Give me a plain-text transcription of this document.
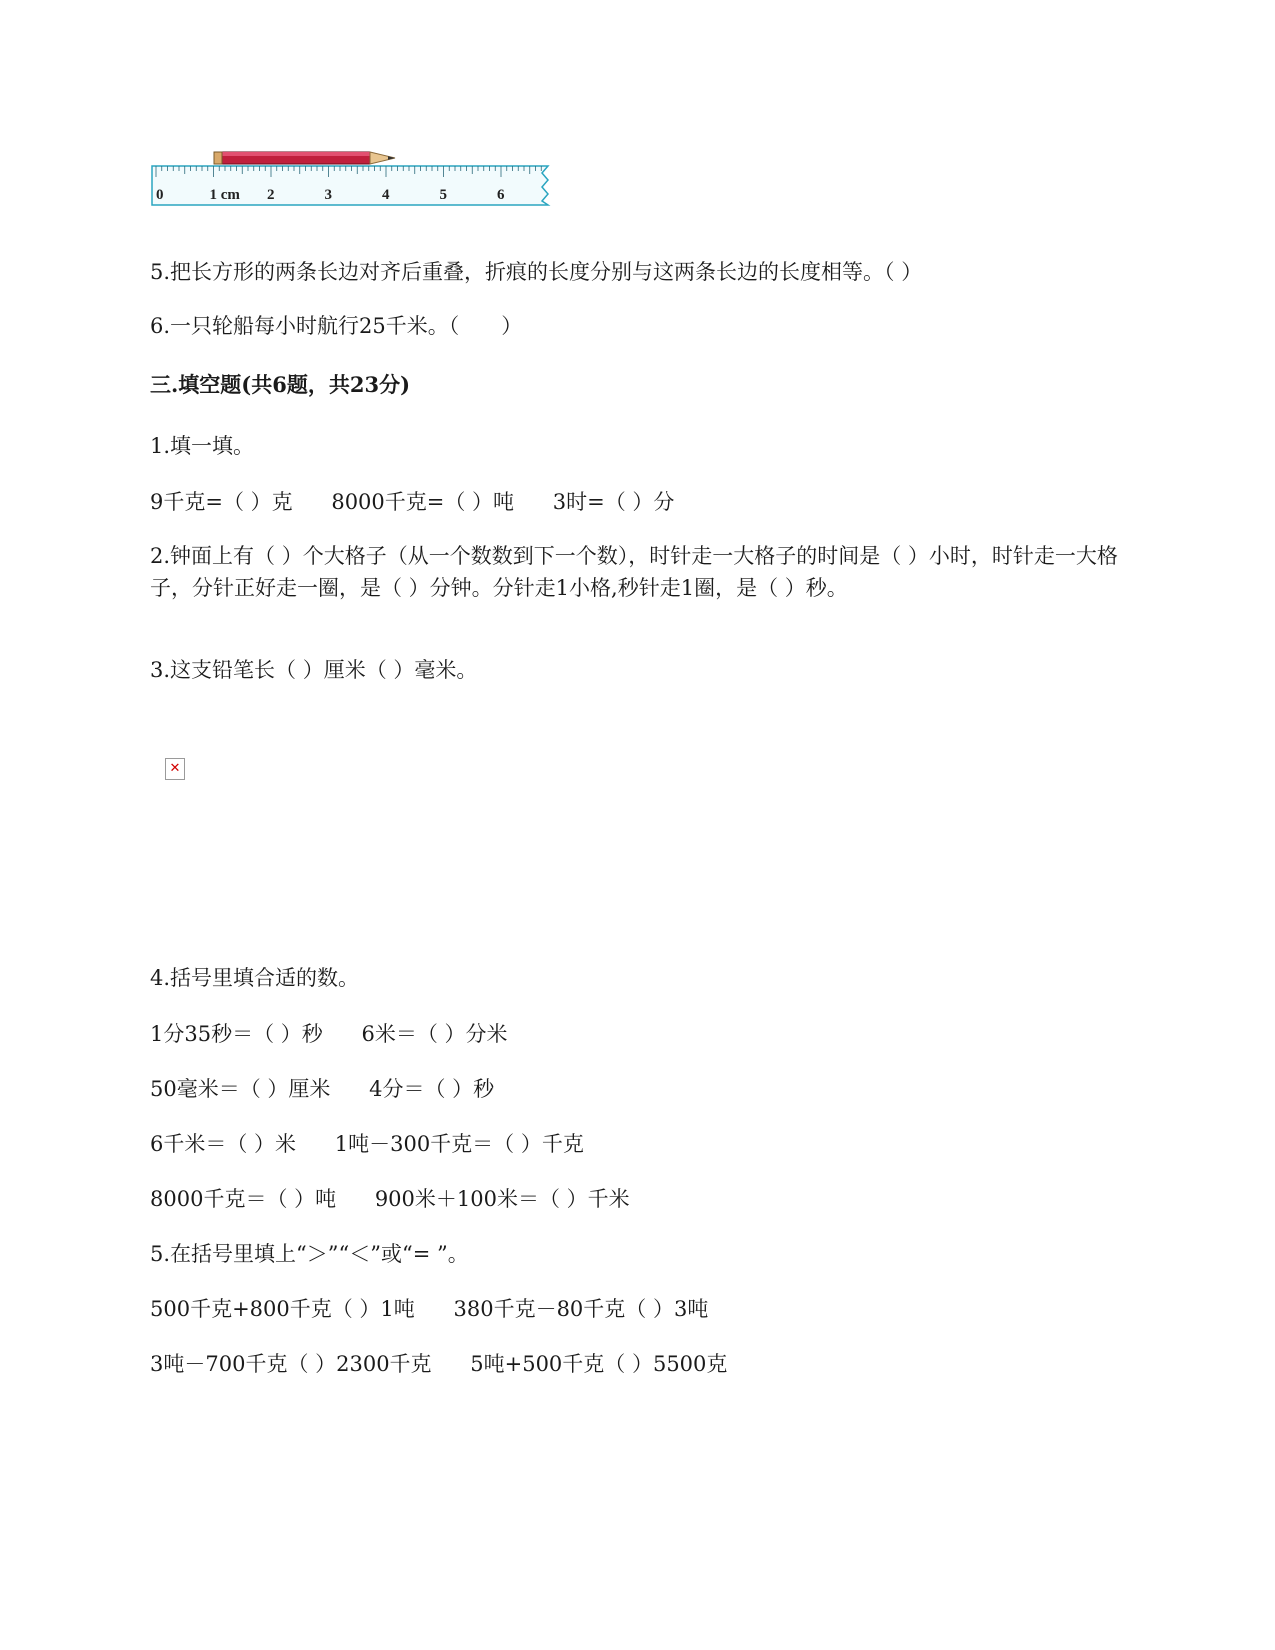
0	1 cm 2	3	4	5	6
5.把长方形的两条长边对齐后重叠，折痕的长度分别与这两条长边的长度相等。（ ）
6.一只轮船每小时航行25千米。（　　）
三.填空题(共6题，共23分)
1.填一填。
9千克=（ ）克 8000千克=（ ）吨 3时=（ ）分
2.钟面上有（ ）个大格子（从一个数数到下一个数），时针走一大格子的时间是（ ）小时，时针走一大格子，分针正好走一圈，是（ ）分钟。分针走1小格,秒针走1圈，是（ ）秒。
3.这支铅笔长（ ）厘米（ ）毫米。
✕
4.括号里填合适的数。
1分35秒＝（ ）秒 6米＝（ ）分米
50毫米＝（ ）厘米 4分＝（ ）秒
6千米＝（ ）米 1吨－300千克＝（ ）千克
8000千克＝（ ）吨 900米＋100米＝（ ）千米
5.在括号里填上“＞”“＜”或“= ”。
500千克+800千克（ ）1吨 380千克－80千克（ ）3吨
3吨－700千克（ ）2300千克 5吨+500千克（ ）5500克
